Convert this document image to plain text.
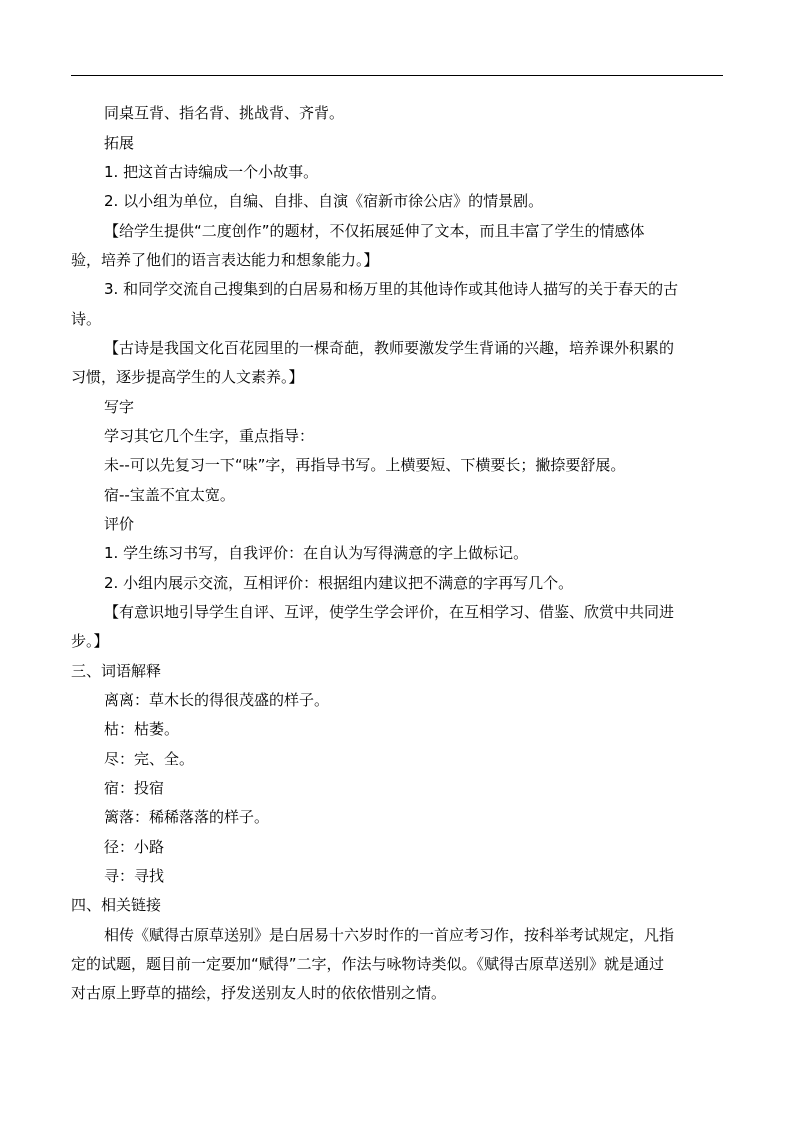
同桌互背、指名背、挑战背、齐背。
拓展
1. 把这首古诗编成一个小故事。
2. 以小组为单位，自编、自排、自演《宿新市徐公店》的情景剧。
【给学生提供“二度创作”的题材，不仅拓展延伸了文本，而且丰富了学生的情感体
验，培养了他们的语言表达能力和想象能力。】
3. 和同学交流自己搜集到的白居易和杨万里的其他诗作或其他诗人描写的关于春天的古
诗。
【古诗是我国文化百花园里的一棵奇葩，教师要激发学生背诵的兴趣，培养课外积累的
习惯，逐步提高学生的人文素养。】
写字
学习其它几个生字，重点指导：
未--可以先复习一下“味”字，再指导书写。上横要短、下横要长；撇捺要舒展。
宿--宝盖不宜太宽。
评价
1. 学生练习书写，自我评价：在自认为写得满意的字上做标记。
2. 小组内展示交流，互相评价：根据组内建议把不满意的字再写几个。
【有意识地引导学生自评、互评，使学生学会评价，在互相学习、借鉴、欣赏中共同进
步。】
三、词语解释
离离：草木长的得很茂盛的样子。
枯：枯萎。
尽：完、全。
宿：投宿
篱落：稀稀落落的样子。
径：小路
寻：寻找
四、相关链接
相传《赋得古原草送别》是白居易十六岁时作的一首应考习作，按科举考试规定，凡指
定的试题，题目前一定要加“赋得”二字，作法与咏物诗类似。《赋得古原草送别》就是通过
对古原上野草的描绘，抒发送别友人时的依依惜别之情。
